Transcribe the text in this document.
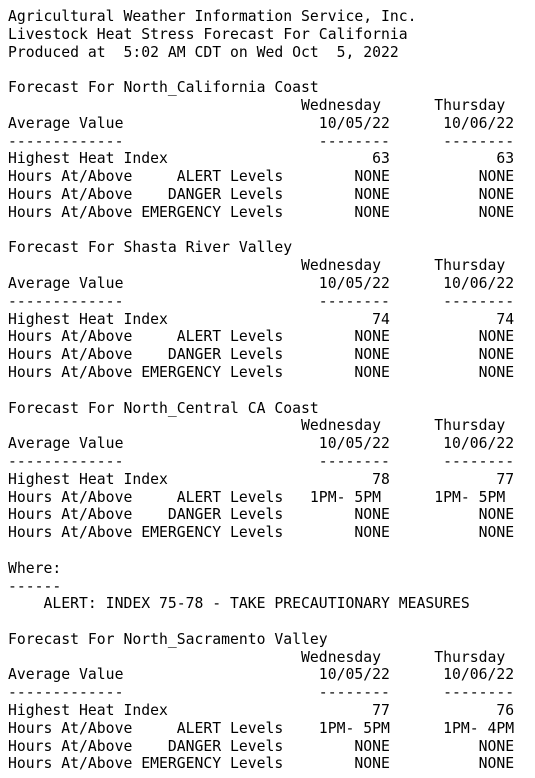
Agricultural Weather Information Service, Inc.
Livestock Heat Stress Forecast For California
Produced at  5:02 AM CDT on Wed Oct  5, 2022
Forecast For North_California Coast
Wednesday      Thursday
Average Value                      10/05/22      10/06/22
-------------                      --------      --------
Highest Heat Index                       63            63
Hours At/Above     ALERT Levels        NONE          NONE
Hours At/Above    DANGER Levels        NONE          NONE
Hours At/Above EMERGENCY Levels        NONE          NONE
Forecast For Shasta River Valley
Wednesday      Thursday
Average Value                      10/05/22      10/06/22
-------------                      --------      --------
Highest Heat Index                       74            74
Hours At/Above     ALERT Levels        NONE          NONE
Hours At/Above    DANGER Levels        NONE          NONE
Hours At/Above EMERGENCY Levels        NONE          NONE
Forecast For North_Central CA Coast
Wednesday      Thursday
Average Value                      10/05/22      10/06/22
-------------                      --------      --------
Highest Heat Index                       78            77
Hours At/Above     ALERT Levels   1PM- 5PM      1PM- 5PM
Hours At/Above    DANGER Levels        NONE          NONE
Hours At/Above EMERGENCY Levels        NONE          NONE
Where:
------
ALERT: INDEX 75-78 - TAKE PRECAUTIONARY MEASURES
Forecast For North_Sacramento Valley
Wednesday      Thursday
Average Value                      10/05/22      10/06/22
-------------                      --------      --------
Highest Heat Index                       77            76
Hours At/Above     ALERT Levels    1PM- 5PM      1PM- 4PM
Hours At/Above    DANGER Levels        NONE          NONE
Hours At/Above EMERGENCY Levels        NONE          NONE
